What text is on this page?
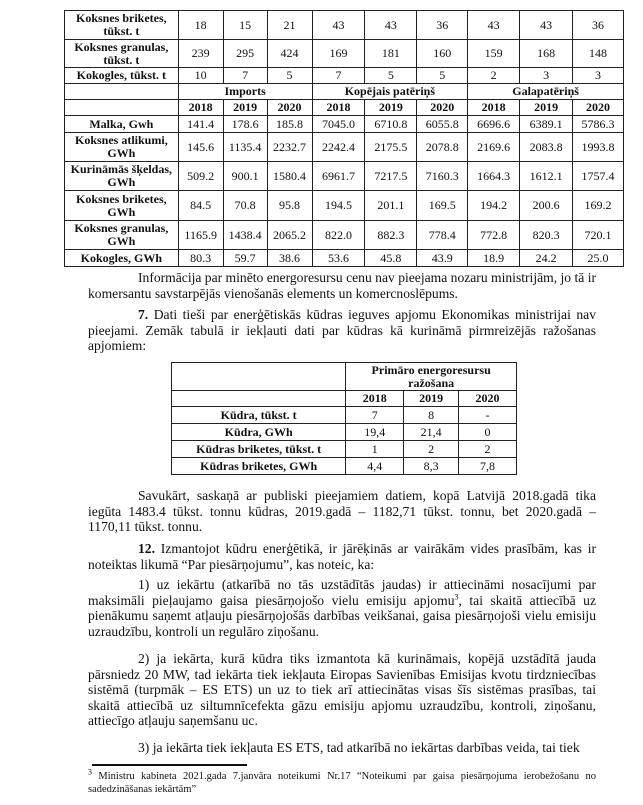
Koksnes briketes, tūkst. t	18	15	21	43	43	36	43	43	36
Koksnes granulas, tūkst. t	239	295	424	169	181	160	159	168	148
Kokogles, tūkst. t	10	7	5	7	5	5	2	3	3
	Imports			Kopējais patēriņš			Galapatēriņš		
	2018	2019	2020	2018	2019	2020	2018	2019	2020
Malka, Gwh	141.4	178.6	185.8	7045.0	6710.8	6055.8	6696.6	6389.1	5786.3
Koksnes atlikumi, GWh	145.6	1135.4	2232.7	2242.4	2175.5	2078.8	2169.6	2083.8	1993.8
Kurināmās šķeldas, GWh	509.2	900.1	1580.4	6961.7	7217.5	7160.3	1664.3	1612.1	1757.4
Koksnes briketes, GWh	84.5	70.8	95.8	194.5	201.1	169.5	194.2	200.6	169.2
Koksnes granulas, GWh	1165.9	1438.4	2065.2	822.0	882.3	778.4	772.8	820.3	720.1
Kokogles, GWh	80.3	59.7	38.6	53.6	45.8	43.9	18.9	24.2	25.0

Informācija par minēto energoresursu cenu nav pieejama nozaru ministrijām, jo tā ir komersantu savstarpējās vienošanās elements un komercnoslēpums.

7. Dati tieši par enerģētiskās kūdras ieguves apjomu Ekonomikas ministrijai nav pieejami. Zemāk tabulā ir iekļauti dati par kūdras kā kurināmā pirmreizējās ražošanas apjomiem:

	Primāro energoresursu ražošana		
	2018	2019	2020
Kūdra, tūkst. t	7	8	-
Kūdra, GWh	19,4	21,4	0
Kūdras briketes, tūkst. t	1	2	2
Kūdras briketes, GWh	4,4	8,3	7,8

Savukārt, saskaņā ar publiski pieejamiem datiem, kopā Latvijā 2018.gadā tika iegūta 1483.4 tūkst. tonnu kūdras, 2019.gadā – 1182,71 tūkst. tonnu, bet 2020.gadā – 1170,11 tūkst. tonnu.

12. Izmantojot kūdru enerģētikā, ir jārēķinās ar vairākām vides prasībām, kas ir noteiktas likumā “Par piesārņojumu”, kas noteic, ka:

1) uz iekārtu (atkarībā no tās uzstādītās jaudas) ir attiecināmi nosacījumi par maksimāli pieļaujamo gaisa piesārņojošo vielu emisiju apjomu$^3$, tai skaitā attiecībā uz pienākumu saņemt atļauju piesārņojošās darbības veikšanai, gaisa piesārņojoši vielu emisiju uzraudzību, kontroli un regulāro ziņošanu.

2) ja iekārta, kurā kūdra tiks izmantota kā kurināmais, kopējā uzstādītā jauda pārsniedz 20 MW, tad iekārta tiek iekļauta Eiropas Savienības Emisijas kvotu tirdzniecības sistēmā (turpmāk – ES ETS) un uz to tiek arī attiecinātas visas šīs sistēmas prasības, tai skaitā attiecībā uz siltumnīcefekta gāzu emisiju apjomu uzraudzību, kontroli, ziņošanu, attiecīgo atļauju saņemšanu uc.

3) ja iekārta tiek iekļauta ES ETS, tad atkarībā no iekārtas darbības veida, tai tiek

$^3$ Ministru kabineta 2021.gada 7.janvāra noteikumi Nr.17 “Noteikumi par gaisa piesārņojuma ierobežošanu no sadedzināšanas iekārtām”
